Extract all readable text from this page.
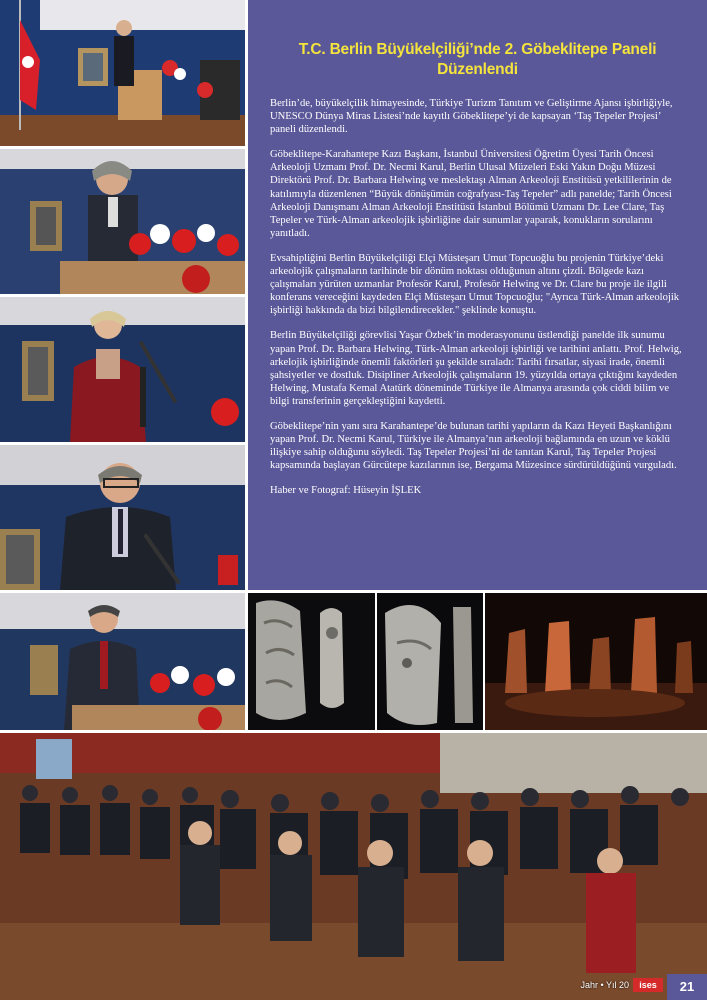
T.C. Berlin Büyükelçiliği’nde 2. Göbeklitepe Paneli Düzenlendi

Berlin’de, büyükelçilik himayesinde, Türkiye Turizm Tanıtım ve Geliştirme Ajansı işbirliğiyle, UNESCO Dünya Miras Listesi’nde kayıtlı Göbeklitepe’yi de kapsayan ‘Taş Tepeler Projesi’ paneli düzenlendi.

Göbeklitepe-Karahantepe Kazı Başkanı, İstanbul Üniversitesi Öğretim Üyesi Tarih Öncesi Arkeoloji Uzmanı Prof. Dr. Necmi Karul, Berlin Ulusal Müzeleri Eski Yakın Doğu Müzesi Direktörü Prof. Dr. Barbara Helwing ve meslektaşı Alman Arkeoloji Enstitüsü yetkililerinin de katılımıyla düzenlenen “Büyük dönüşümün coğrafyası-Taş Tepeler” adlı panelde; Tarih Öncesi Arkeoloji Danışmanı Alman Arkeoloji Enstitüsü İstanbul Bölümü Uzmanı Dr. Lee Clare, Taş Tepeler ve Türk-Alman arkeolojik işbirliğine dair sunumlar yaparak, konukların sorularını yanıtladı.

Evsahipliğini Berlin Büyükelçiliği Elçi Müsteşarı Umut Topcuoğlu bu projenin Türkiye’deki arkeolojik çalışmaların tarihinde bir dönüm noktası olduğunun altını çizdi. Bölgede kazı çalışmaları yürüten uzmanlar Profesör Karul, Profesör Helwing ve Dr. Clare bu proje ile ilgili konferans vereceğini kaydeden Elçi Müsteşarı Umut Topcuoğlu; "Ayrıca Türk-Alman arkeolojik işbirliği hakkında da bizi bilgilendirecekler." şeklinde konuştu.

Berlin Büyükelçiliği görevlisi Yaşar Özbek’in moderasyonunu üstlendiği panelde ilk sunumu yapan Prof. Dr. Barbara Helwing, Türk-Alman arkeoloji işbirliği ve tarihini anlattı. Prof. Helwig, arkelojik işbirliğinde önemli faktörleri şu şekilde sıraladı: Tarihi fırsatlar, siyasi irade, önemli şahsiyetler ve dostluk. Disipliner Arkeolojik çalışmaların 19. yüzyılda ortaya çıktığını kaydeden Helwing, Mustafa Kemal Atatürk döneminde Türkiye ile Almanya arasında çok ciddi bilim ve bilgi transferinin gerçekleştiğini kaydetti.

Göbeklitepe’nin yanı sıra Karahantepe’de bulunan tarihi yapıların da Kazı Heyeti Başkanlığını yapan Prof. Dr. Necmi Karul, Türkiye ile Almanya’nın arkeoloji bağlamında en uzun ve köklü ilişkiye sahip olduğunu söyledi. Taş Tepeler Projesi’ni de tanıtan Karul, Taş Tepeler Projesi kapsamında başlayan Gürcütepe kazılarının ise, Bergama Müzesince sürdürüldüğünü vurguladı.

Haber ve Fotograf: Hüseyin İŞLEK

Jahr • Yıl 20	ises	21
